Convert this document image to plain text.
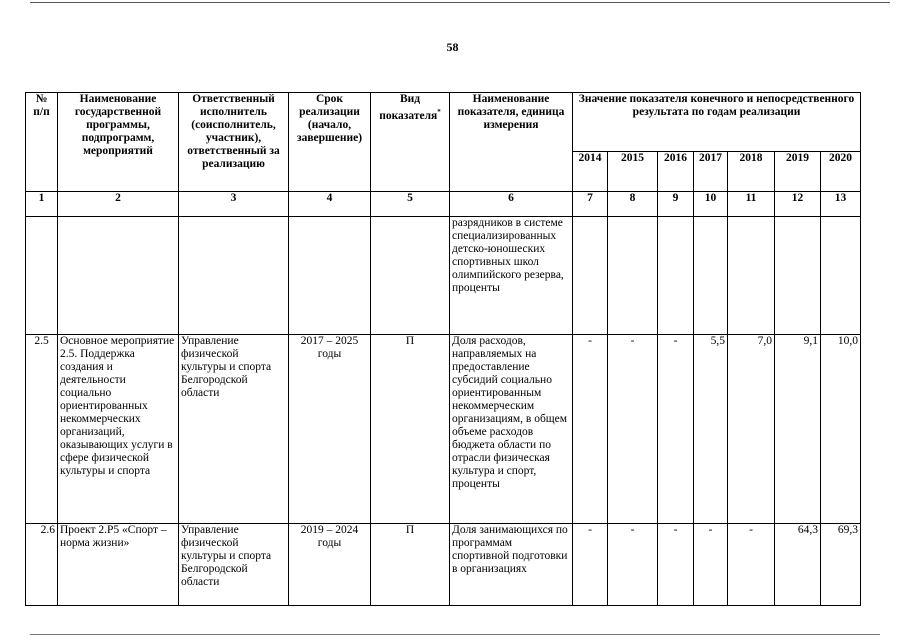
58
№
п/п	Наименование государственной программы, подпрограмм, мероприятий	Ответственный исполнитель (соисполнитель, участник), ответственный за реализацию	Срок реализации (начало, завершение)	Вид показателя*	Наименование показателя, единица измерения	Значение показателя конечного и непосредственного результата по годам реализации						
						2014	2015	2016	2017	2018	2019	2020
1	2	3	4	5	6	7	8	9	10	11	12	13
					разрядников в системе специализированных детско-юношеских спортивных школ олимпийского резерва, проценты							
2.5	Основное мероприятие 2.5. Поддержка создания и деятельности социально ориентированных некоммерческих организаций, оказывающих услуги в сфере физической культуры и спорта	Управление физической культуры и спорта Белгородской области	2017 – 2025 годы	П	Доля расходов, направляемых на предоставление субсидий социально ориентированным некоммерческим организациям, в общем объеме расходов бюджета области по отрасли физическая культура и спорт, проценты	-	-	-	5,5	7,0	9,1	10,0
2.6	Проект 2.Р5 «Спорт – норма жизни»	Управление физической культуры и спорта Белгородской области	2019 – 2024 годы	П	Доля занимающихся по программам спортивной подготовки в организациях	-	-	-	-	-	64,3	69,3
